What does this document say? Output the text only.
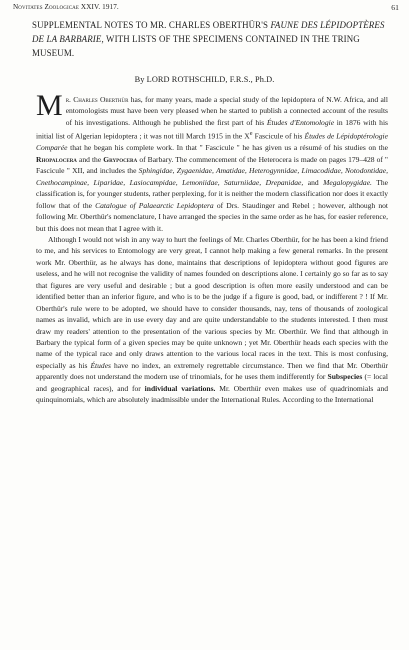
Novitates Zoologicae XXIV. 1917.	61
SUPPLEMENTAL NOTES TO MR. CHARLES OBERTHÜR'S FAUNE DES LÉPIDOPTÈRES DE LA BARBARIE, WITH LISTS OF THE SPECIMENS CONTAINED IN THE TRING MUSEUM.
By LORD ROTHSCHILD, F.R.S., Ph.D.

Mr. Charles Oberthür has, for many years, made a special study of the lepidoptera of N.W. Africa, and all entomologists must have been very pleased when he started to publish a connected account of the results of his investigations. Although he published the first part of his Études d'Entomologie in 1876 with his initial list of Algerian lepidoptera ; it was not till March 1915 in the Xe Fascicule of his Études de Lépidoptérologie Comparée that he began his complete work. In that " Fascicule " he has given us a résumé of his studies on the Rhopalocera and the Grypocera of Barbary. The commencement of the Heterocera is made on pages 179–428 of " Fascicule " XII, and includes the Sphingidae, Zygaenidae, Amatidae, Heterogynnidae, Limacodidae, Notodontidae, Cnethocampinae, Liparidae, Lasiocampidae, Lemoniidae, Saturniidae, Drepanidae, and Megalopygidae. The classification is, for younger students, rather perplexing, for it is neither the modern classification nor does it exactly follow that of the Catalogue of Palaearctic Lepidoptera of Drs. Staudinger and Rebel ; however, although not following Mr. Oberthür's nomenclature, I have arranged the species in the same order as he has, for easier reference, but this does not mean that I agree with it.

Although I would not wish in any way to hurt the feelings of Mr. Charles Oberthür, for he has been a kind friend to me, and his services to Entomology are very great, I cannot help making a few general remarks. In the present work Mr. Oberthür, as he always has done, maintains that descriptions of lepidoptera without good figures are useless, and he will not recognise the validity of names founded on descriptions alone. I certainly go so far as to say that figures are very useful and desirable ; but a good description is often more easily understood and can be identified better than an inferior figure, and who is to be the judge if a figure is good, bad, or indifferent ? ! If Mr. Oberthür's rule were to be adopted, we should have to consider thousands, nay, tens of thousands of zoological names as invalid, which are in use every day and are quite understandable to the students interested. I then must draw my readers' attention to the presentation of the various species by Mr. Oberthür. We find that although in Barbary the typical form of a given species may be quite unknown ; yet Mr. Oberthür heads each species with the name of the typical race and only draws attention to the various local races in the text. This is most confusing, especially as his Études have no index, an extremely regrettable circumstance. Then we find that Mr. Oberthür apparently does not understand the modern use of trinomials, for he uses them indifferently for Subspecies (= local and geographical races), and for individual variations. Mr. Oberthür even makes use of quadrinomials and quinquinomials, which are absolutely inadmissible under the International Rules. According to the International
